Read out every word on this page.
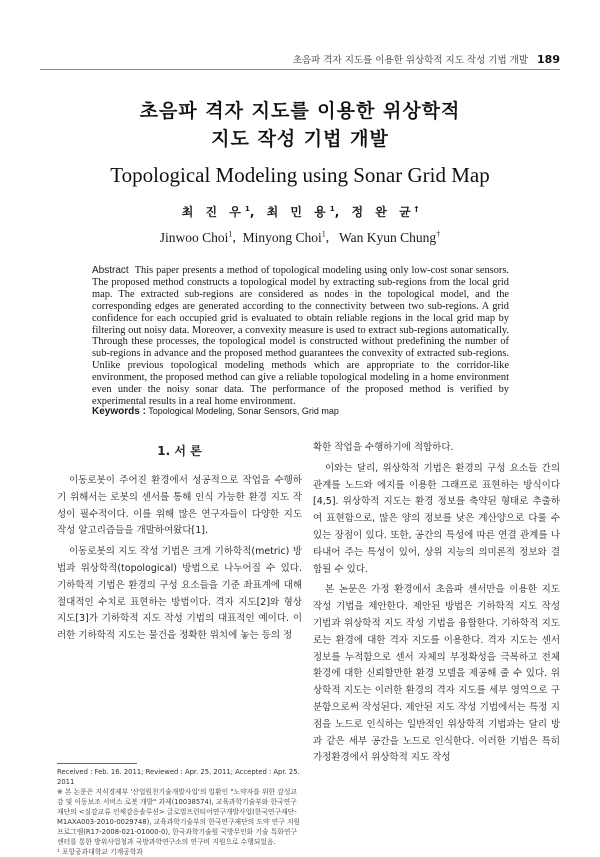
초음파 격자 지도를 이용한 위상학적 지도 작성 기법 개발 189
초음파 격자 지도를 이용한 위상학적
지도 작성 기법 개발
Topological Modeling using Sonar Grid Map
최 진 우$^1$, 최 민 용$^1$, 정 완 균†
Jinwoo Choi$^1$,  Minyong Choi$^1$,   Wan Kyun Chung†
Abstract This paper presents a method of topological modeling using only low-cost sonar sensors. The proposed method constructs a topological model by extracting sub-regions from the local grid map. The extracted sub-regions are considered as nodes in the topological model, and the corresponding edges are generated according to the connectivity between two sub-regions. A grid confidence for each occupied grid is evaluated to obtain reliable regions in the local grid map by filtering out noisy data. Moreover, a convexity measure is used to extract sub-regions automatically. Through these processes, the topological model is constructed without predefining the number of sub-regions in advance and the proposed method guarantees the convexity of extracted sub-regions. Unlike previous topological modeling methods which are appropriate to the corridor-like environment, the proposed method can give a reliable topological modeling in a home environment even under the noisy sonar data. The performance of the proposed method is verified by experimental results in a real home environment.
Keywords : Topological Modeling, Sonar Sensors, Grid map
1. 서 론

이동로봇이 주어진 환경에서 성공적으로 작업을 수행하기 위해서는 로봇의 센서를 통해 인식 가능한 환경 지도 작성이 필수적이다. 이를 위해 많은 연구자들이 다양한 지도 작성 알고리즘들을 개발하여왔다[1].

이동로봇의 지도 작성 기법은 크게 기하학적(metric) 방법과 위상학적(topological) 방법으로 나누어질 수 있다. 기하학적 기법은 환경의 구성 요소들을 기준 좌표계에 대해 절대적인 수치로 표현하는 방법이다. 격자 지도[2]와 형상 지도[3]가 기하학적 지도 작성 기법의 대표적인 예이다. 이러한 기하학적 지도는 물건을 정확한 위치에 놓는 등의 정

확한 작업을 수행하기에 적합하다.

이와는 달리, 위상학적 기법은 환경의 구성 요소들 간의 관계를 노드와 에지를 이용한 그래프로 표현하는 방식이다[4,5]. 위상학적 지도는 환경 정보를 축약된 형태로 추출하여 표현함으로, 많은 양의 정보를 낮은 계산양으로 다룰 수 있는 장점이 있다. 또한, 공간의 특성에 따른 연결 관계를 나타내어 주는 특성이 있어, 상위 지능의 의미론적 정보와 결합될 수 있다.

본 논문은 가정 환경에서 초음파 센서만을 이용한 지도 작성 기법을 제안한다. 제안된 방법은 기하학적 지도 작성 기법과 위상학적 지도 작성 기법을 융합한다. 기하학적 지도로는 환경에 대한 격자 지도를 이용한다. 격자 지도는 센서 정보를 누적함으로 센서 자체의 부정확성을 극복하고 전체 환경에 대한 신뢰할만한 환경 모델을 제공해 줄 수 있다. 위상학적 지도는 이러한 환경의 격자 지도를 세부 영역으로 구분함으로써 작성된다. 제안된 지도 작성 기법에서는 특정 지점을 노드로 인식하는 일반적인 위상학적 기법과는 달리 방과 같은 세부 공간을 노드로 인식한다. 이러한 기법은 특히 가정환경에서 위상학적 지도 작성

Received : Feb. 16. 2011; Reviewed : Apr. 25. 2011; Accepted : Apr. 25. 2011

※ 본 논문은 지식경제부 '산업원천기술개발사업'의 일환인 "노약자를 위한 감성교감 및 이동보조 서비스 로봇 개발" 과제(10038574), 교육과학기술부와 한국연구재단의 <실감교류 인체감응솔루션> 글로벌프런티어연구개발사업(한국연구재단-M1AXA003-2010-0029748), 교육과학기술부의 한국연구재단의 도약 연구 지원 프로그램(R17-2008-021-01000-0), 한국과학기술원 국방무인화 기술 특화연구센터를 통한 방위사업청과 국방과학연구소의 연구비 지원으로 수행되었음.

¹ 포항공과대학교 기계공학과
